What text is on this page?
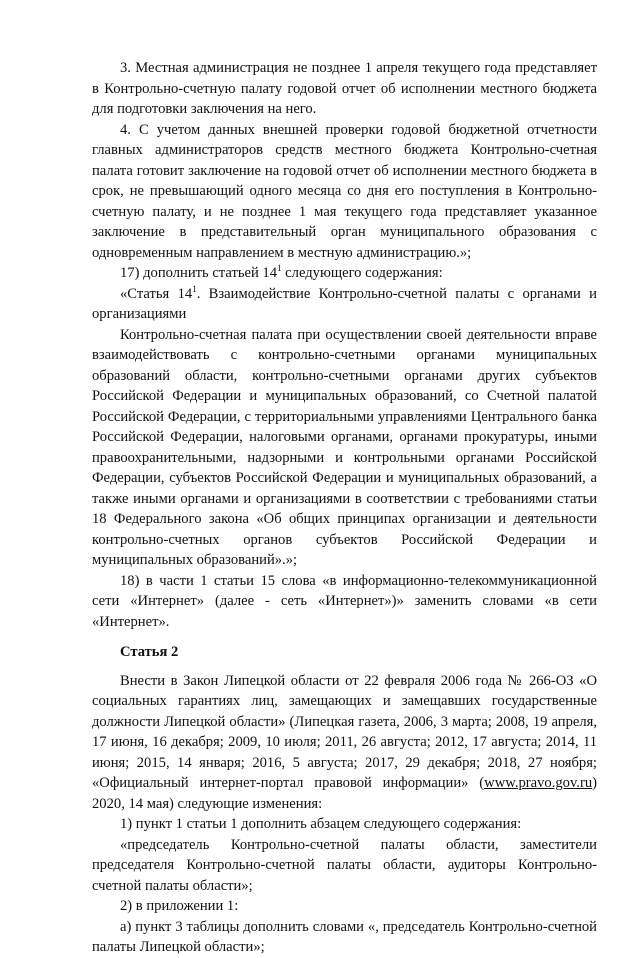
3. Местная администрация не позднее 1 апреля текущего года представляет в Контрольно-счетную палату годовой отчет об исполнении местного бюджета для подготовки заключения на него.

4. С учетом данных внешней проверки годовой бюджетной отчетности главных администраторов средств местного бюджета Контрольно-счетная палата готовит заключение на годовой отчет об исполнении местного бюджета в срок, не превышающий одного месяца со дня его поступления в Контрольно-счетную палату, и не позднее 1 мая текущего года представляет указанное заключение в представительный орган муниципального образования с одновременным направлением в местную администрацию.»;

17) дополнить статьей $14^1$ следующего содержания:

«Статья $14^1$. Взаимодействие Контрольно-счетной палаты с органами и организациями

Контрольно-счетная палата при осуществлении своей деятельности вправе взаимодействовать с контрольно-счетными органами муниципальных образований области, контрольно-счетными органами других субъектов Российской Федерации и муниципальных образований, со Счетной палатой Российской Федерации, с территориальными управлениями Центрального банка Российской Федерации, налоговыми органами, органами прокуратуры, иными правоохранительными, надзорными и контрольными органами Российской Федерации, субъектов Российской Федерации и муниципальных образований, а также иными органами и организациями в соответствии с требованиями статьи 18 Федерального закона «Об общих принципах организации и деятельности контрольно-счетных органов субъектов Российской Федерации и муниципальных образований».»;

18) в части 1 статьи 15 слова «в информационно-телекоммуникационной сети «Интернет» (далее - сеть «Интернет»)» заменить словами «в сети «Интернет».

Статья 2

Внести в Закон Липецкой области от 22 февраля 2006 года № 266-ОЗ «О социальных гарантиях лиц, замещающих и замещавших государственные должности Липецкой области» (Липецкая газета, 2006, 3 марта; 2008, 19 апреля, 17 июня, 16 декабря; 2009, 10 июля; 2011, 26 августа; 2012, 17 августа; 2014, 11 июня; 2015, 14 января; 2016, 5 августа; 2017, 29 декабря; 2018, 27 ноября; «Официальный интернет-портал правовой информации» (www.pravo.gov.ru) 2020, 14 мая) следующие изменения:

1) пункт 1 статьи 1 дополнить абзацем следующего содержания:

«председатель Контрольно-счетной палаты области, заместители председателя Контрольно-счетной палаты области, аудиторы Контрольно-счетной палаты области»;

2) в приложении 1:

а) пункт 3 таблицы дополнить словами «, председатель Контрольно-счетной палаты Липецкой области»;
